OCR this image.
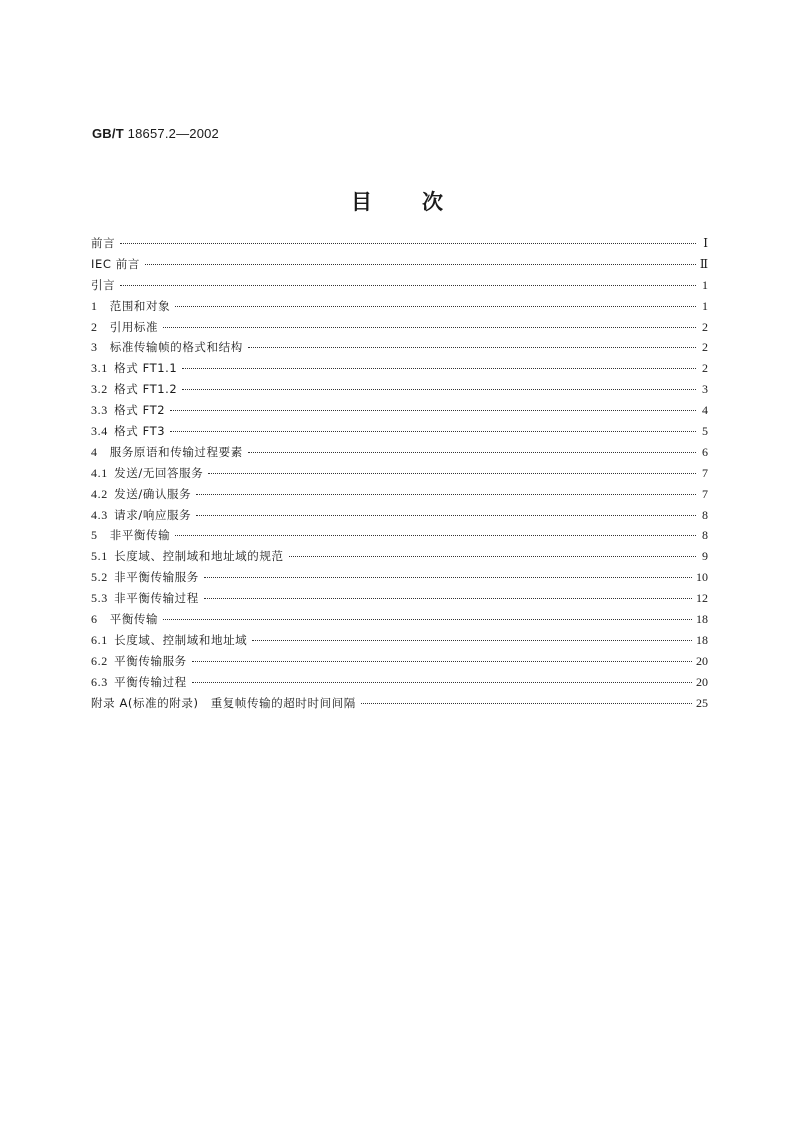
GB/T 18657.2—2002
目次
前言	Ⅰ
IEC 前言	Ⅱ
引言	1
1  范围和对象	1
2  引用标准	2
3  标准传输帧的格式和结构	2
3.1  格式 FT1.1	2
3.2  格式 FT1.2	3
3.3  格式 FT2	4
3.4  格式 FT3	5
4  服务原语和传输过程要素	6
4.1  发送/无回答服务	7
4.2  发送/确认服务	7
4.3  请求/响应服务	8
5  非平衡传输	8
5.1  长度域、控制域和地址域的规范	9
5.2  非平衡传输服务	10
5.3  非平衡传输过程	12
6  平衡传输	18
6.1  长度域、控制域和地址域	18
6.2  平衡传输服务	20
6.3  平衡传输过程	20
附录 A(标准的附录)　重复帧传输的超时时间间隔	25
